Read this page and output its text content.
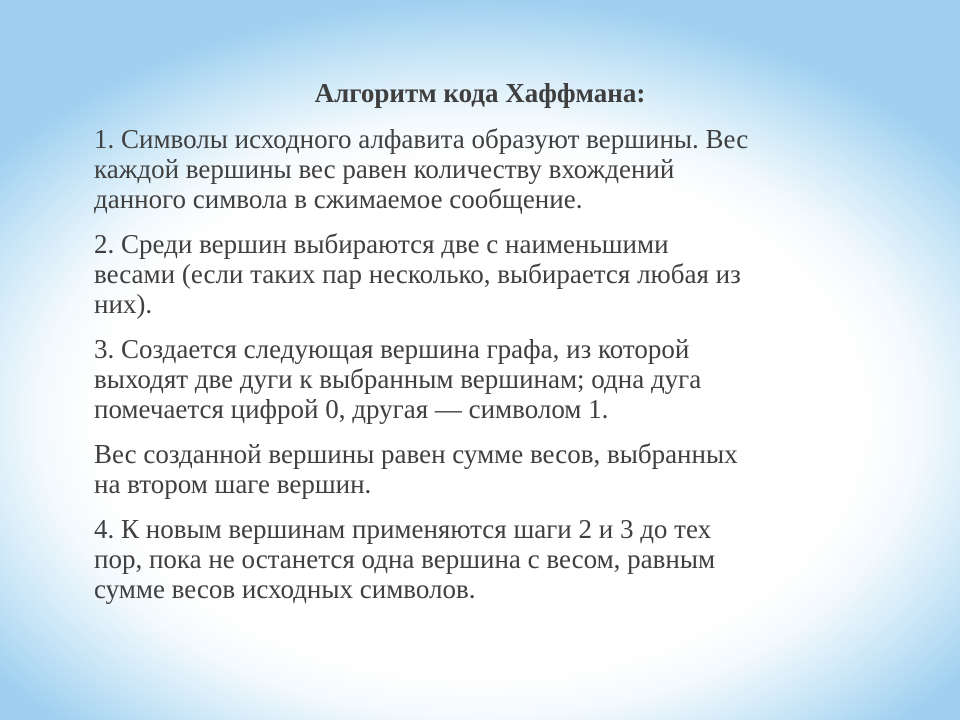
Алгоритм кода Хаффмана:
1. Символы исходного алфавита образуют вершины. Вес
каждой вершины вес равен количеству вхождений
данного символа в сжимаемое сообщение.
2. Среди вершин выбираются две с наименьшими
весами (если таких пар несколько, выбирается любая из
них).
3. Создается следующая вершина графа, из которой
выходят две дуги к выбранным вершинам; одна дуга
помечается цифрой 0, другая — символом 1.
Вес созданной вершины равен сумме весов, выбранных
на втором шаге вершин.
4. К новым вершинам применяются шаги 2 и 3 до тех
пор, пока не останется одна вершина с весом, равным
сумме весов исходных символов.
